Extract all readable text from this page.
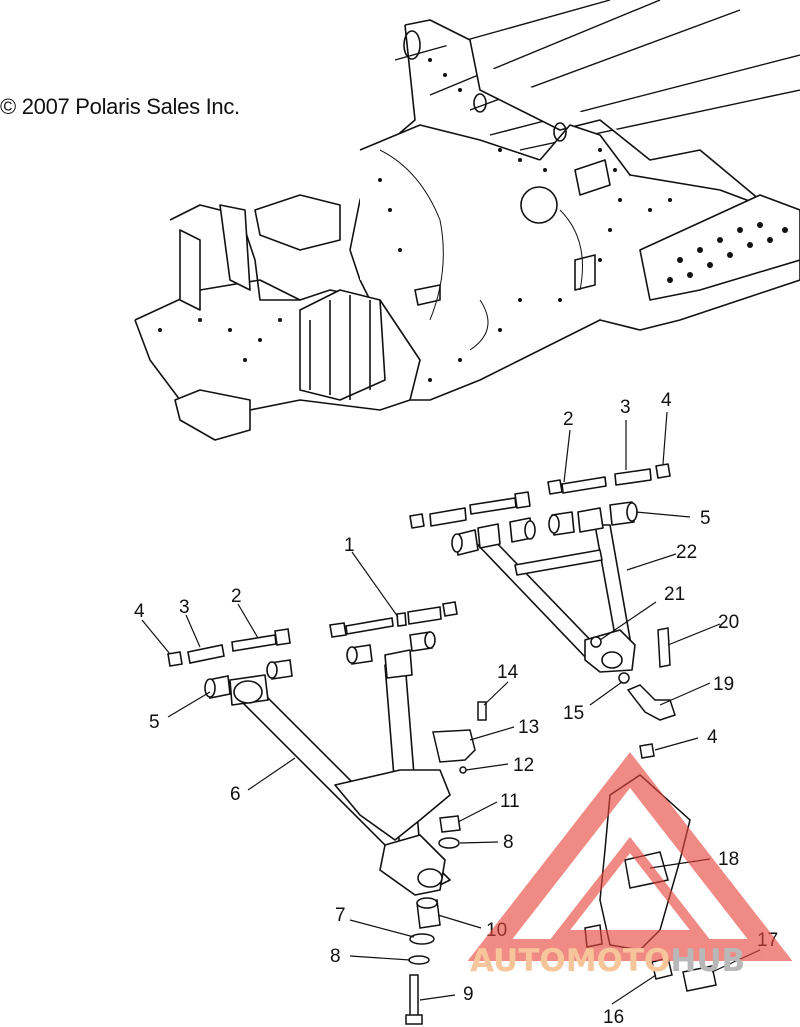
1
2
2
3
3
4
4
4
5
5
6
7
8
8
9
10
11
12
13
14
15
16
17
18
19
20
21
22
© 2007 Polaris Sales Inc.
AUTOMOTOHUB
